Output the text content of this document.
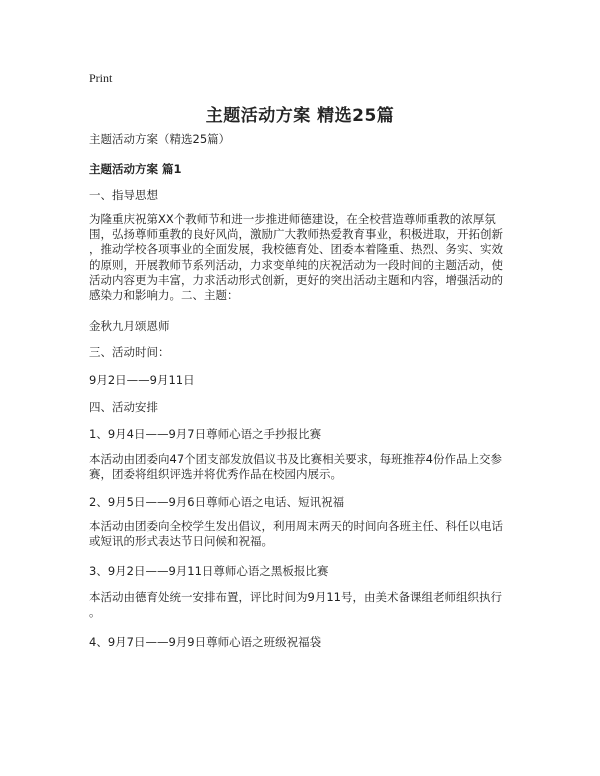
Print
主题活动方案 精选25篇

主题活动方案（精选25篇）

主题活动方案 篇1

一、指导思想

为隆重庆祝第XX个教师节和进一步推进师德建设，在全校营造尊师重教的浓厚氛
围，弘扬尊师重教的良好风尚，激励广大教师热爱教育事业，积极进取，开拓创新
，推动学校各项事业的全面发展，我校德育处、团委本着隆重、热烈、务实、实效
的原则，开展教师节系列活动，力求变单纯的庆祝活动为一段时间的主题活动，使
活动内容更为丰富，力求活动形式创新，更好的突出活动主题和内容，增强活动的
感染力和影响力。二、主题：

金秋九月颂恩师

三、活动时间：

9月2日——9月11日

四、活动安排

1、9月4日——9月7日尊师心语之手抄报比赛

本活动由团委向47个团支部发放倡议书及比赛相关要求，每班推荐4份作品上交参
赛，团委将组织评选并将优秀作品在校园内展示。

2、9月5日——9月6日尊师心语之电话、短讯祝福

本活动由团委向全校学生发出倡议，利用周末两天的时间向各班主任、科任以电话
或短讯的形式表达节日问候和祝福。

3、9月2日——9月11日尊师心语之黑板报比赛

本活动由德育处统一安排布置，评比时间为9月11号，由美术备课组老师组织执行
。

4、9月7日——9月9日尊师心语之班级祝福袋
